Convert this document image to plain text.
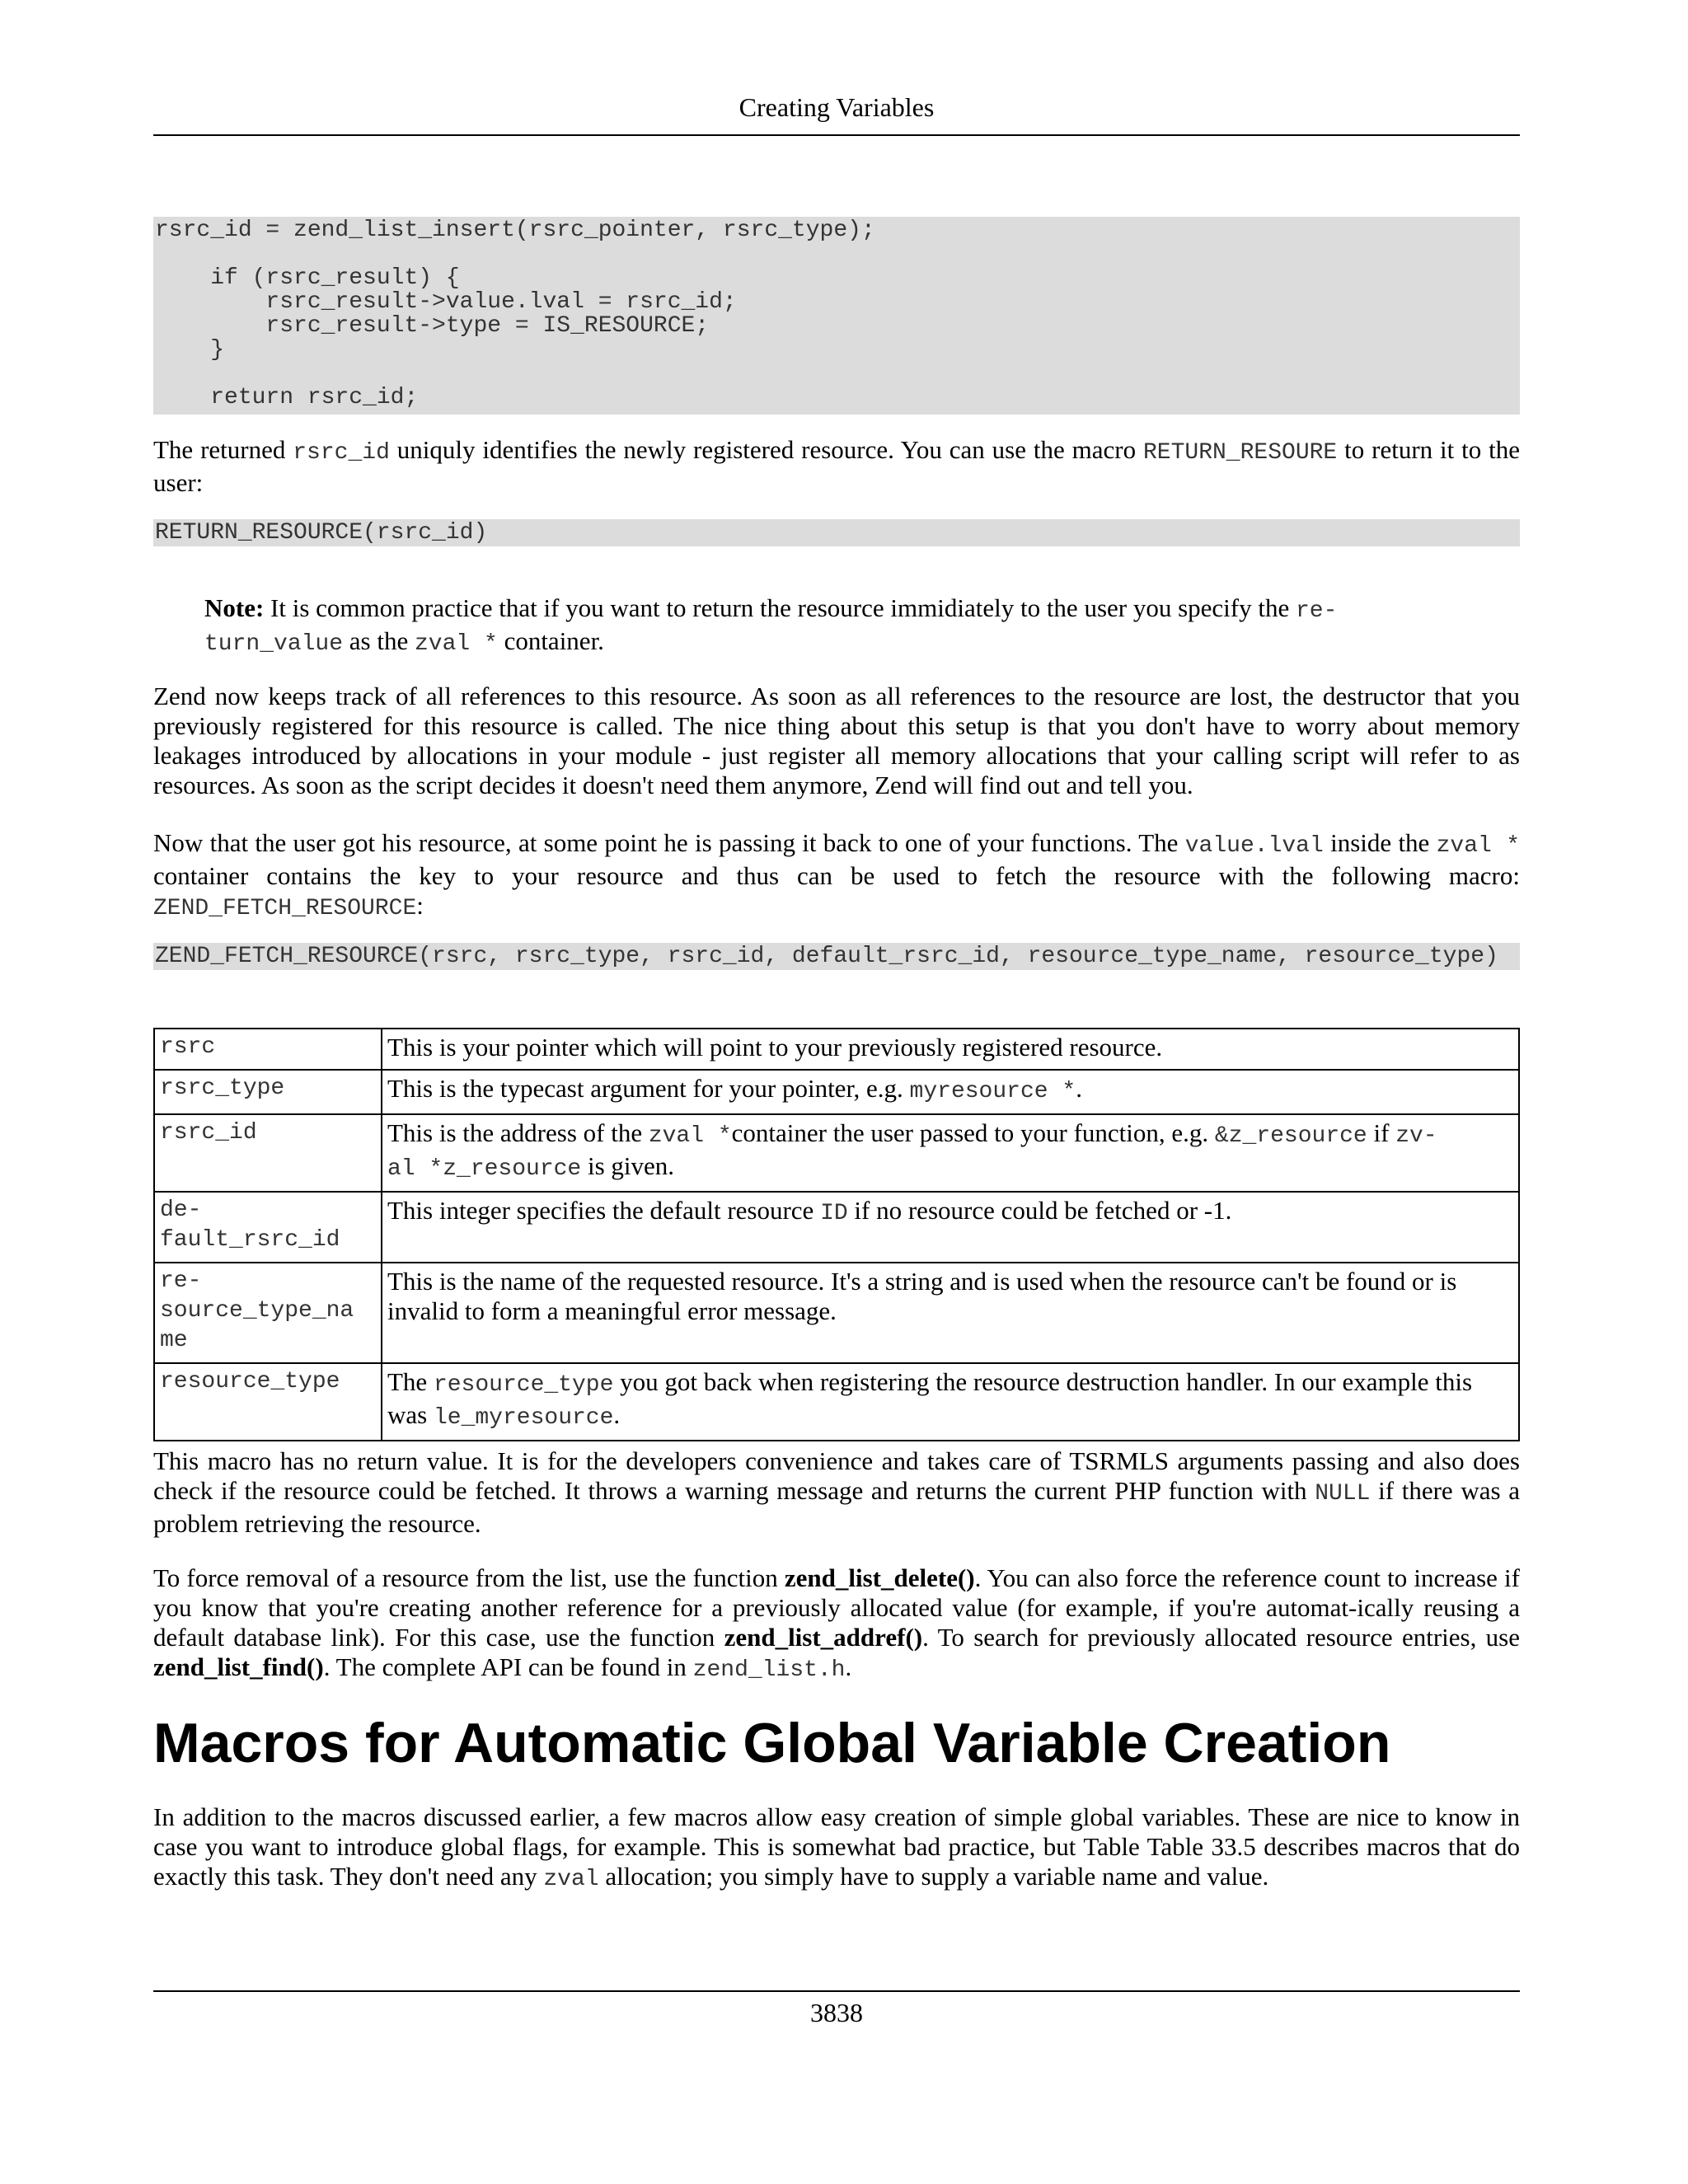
Creating Variables
rsrc_id = zend_list_insert(rsrc_pointer, rsrc_type);

if (rsrc_result) {
rsrc_result->value.lval = rsrc_id;
rsrc_result->type = IS_RESOURCE;
}

return rsrc_id;
The returned rsrc_id uniquly identifies the newly registered resource. You can use the macro RETURN_RESOURE to return it to the user:
RETURN_RESOURCE(rsrc_id)
Note: It is common practice that if you want to return the resource immidiately to the user you specify the re-
turn_value as the zval * container.
Zend now keeps track of all references to this resource. As soon as all references to the resource are lost, the destructor that you previously registered for this resource is called. The nice thing about this setup is that you don't have to worry about memory leakages introduced by allocations in your module - just register all memory allocations that your calling script will refer to as resources. As soon as the script decides it doesn't need them anymore, Zend will find out and tell you.
Now that the user got his resource, at some point he is passing it back to one of your functions. The value.lval inside the zval * container contains the key to your resource and thus can be used to fetch the resource with the following macro: ZEND_FETCH_RESOURCE:
ZEND_FETCH_RESOURCE(rsrc, rsrc_type, rsrc_id, default_rsrc_id, resource_type_name, resource_type)
rsrc	This is your pointer which will point to your previously registered resource.
rsrc_type	This is the typecast argument for your pointer, e.g. myresource *.
rsrc_id	This is the address of the zval *container the user passed to your function, e.g. &z_resource if zv-
al *z_resource is given.
de-
fault_rsrc_id	This integer specifies the default resource ID if no resource could be fetched or -1.
re-
source_type_na
me	This is the name of the requested resource. It's a string and is used when the resource can't be found or is invalid to form a meaningful error message.
resource_type	The resource_type you got back when registering the resource destruction handler. In our example this was le_myresource.
This macro has no return value. It is for the developers convenience and takes care of TSRMLS arguments passing and also does check if the resource could be fetched. It throws a warning message and returns the current PHP function with NULL if there was a problem retrieving the resource.
To force removal of a resource from the list, use the function zend_list_delete(). You can also force the reference count to increase if you know that you're creating another reference for a previously allocated value (for example, if you're automat-ically reusing a default database link). For this case, use the function zend_list_addref(). To search for previously allocated resource entries, use zend_list_find(). The complete API can be found in zend_list.h.
Macros for Automatic Global Variable Creation
In addition to the macros discussed earlier, a few macros allow easy creation of simple global variables. These are nice to know in case you want to introduce global flags, for example. This is somewhat bad practice, but Table Table 33.5 describes macros that do exactly this task. They don't need any zval allocation; you simply have to supply a variable name and value.
3838
